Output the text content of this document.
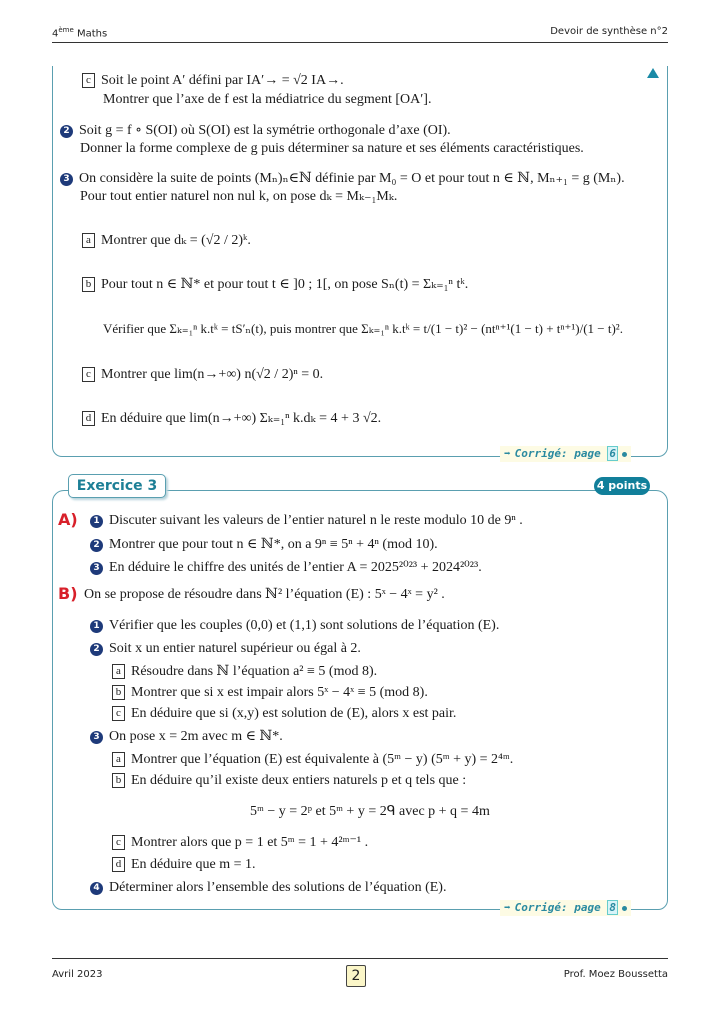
4ème Maths	Devoir de synthèse n°2
c Soit le point A′ défini par IA′→ = √2 IA→.
Montrer que l’axe de f est la médiatrice du segment [OA′].
2 Soit g = f ∘ S(OI) où S(OI) est la symétrie orthogonale d’axe (OI).
Donner la forme complexe de g puis déterminer sa nature et ses éléments caractéristiques.
3 On considère la suite de points (Mₙ)ₙ∈ℕ définie par M₀ = O et pour tout n ∈ ℕ, Mₙ₊₁ = g (Mₙ).
Pour tout entier naturel non nul k, on pose dₖ = Mₖ₋₁Mₖ.
a Montrer que dₖ = (√2 / 2)ᵏ.
b Pour tout n ∈ ℕ* et pour tout t ∈ ]0 ; 1[, on pose Sₙ(t) = Σₖ₌₁ⁿ tᵏ.
Vérifier que Σₖ₌₁ⁿ k.tᵏ = tS′ₙ(t), puis montrer que Σₖ₌₁ⁿ k.tᵏ = t/(1 − t)² − (ntⁿ⁺¹(1 − t) + tⁿ⁺¹)/(1 − t)².
c Montrer que lim(n→+∞) n(√2 / 2)ⁿ = 0.
d En déduire que lim(n→+∞) Σₖ₌₁ⁿ k.dₖ = 4 + 3 √2.
➡ Corrigé: page 6
Exercice 3	4 points
A)	1 Discuter suivant les valeurs de l’entier naturel n le reste modulo 10 de 9ⁿ .
2 Montrer que pour tout n ∈ ℕ*, on a 9ⁿ ≡ 5ⁿ + 4ⁿ (mod 10).
3 En déduire le chiffre des unités de l’entier A = 2025²⁰²³ + 2024²⁰²³.
B) On se propose de résoudre dans ℕ² l’équation (E) : 5ˣ − 4ˣ = y² .
1 Vérifier que les couples (0,0) et (1,1) sont solutions de l’équation (E).
2 Soit x un entier naturel supérieur ou égal à 2.
a Résoudre dans ℕ l’équation a² ≡ 5 (mod 8).
b Montrer que si x est impair alors 5ˣ − 4ˣ ≡ 5 (mod 8).
c En déduire que si (x,y) est solution de (E), alors x est pair.
3 On pose x = 2m avec m ∈ ℕ*.
a Montrer que l’équation (E) est équivalente à (5ᵐ − y) (5ᵐ + y) = 2⁴ᵐ.
b En déduire qu’il existe deux entiers naturels p et q tels que :
5ᵐ − y = 2ᵖ et 5ᵐ + y = 2ᑫ avec p + q = 4m
c Montrer alors que p = 1 et 5ᵐ = 1 + 4²ᵐ⁻¹ .
d En déduire que m = 1.
4 Déterminer alors l’ensemble des solutions de l’équation (E).
➡ Corrigé: page 8
Avril 2023	2	Prof. Moez Boussetta
